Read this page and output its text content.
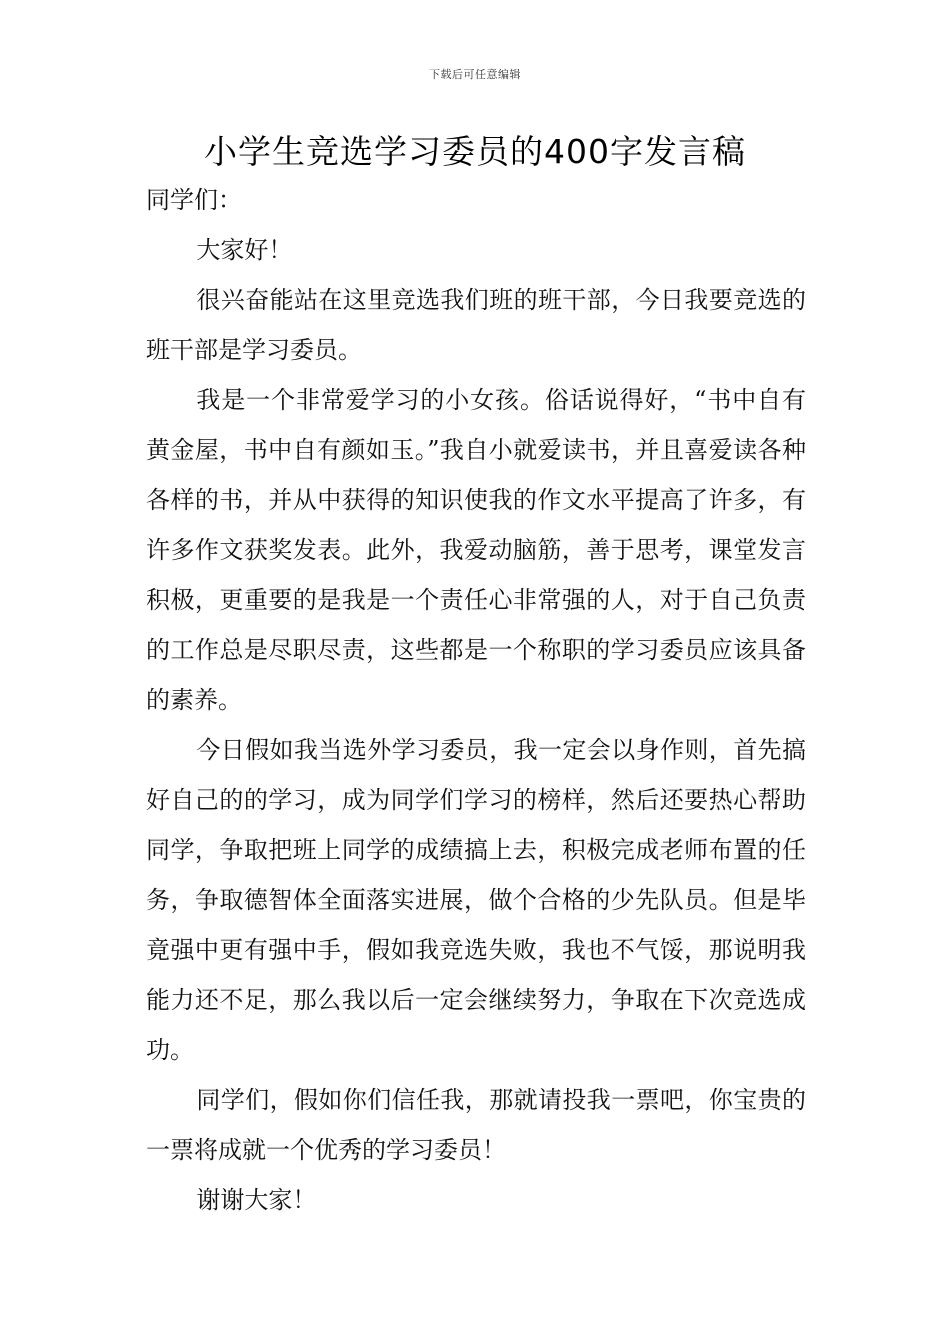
下载后可任意编辑
小学生竞选学习委员的400字发言稿

同学们：

大家好！

很兴奋能站在这里竞选我们班的班干部，今日我要竞选的班干部是学习委员。

我是一个非常爱学习的小女孩。俗话说得好，“书中自有黄金屋，书中自有颜如玉。”我自小就爱读书，并且喜爱读各种各样的书，并从中获得的知识使我的作文水平提高了许多，有许多作文获奖发表。此外，我爱动脑筋，善于思考，课堂发言积极，更重要的是我是一个责任心非常强的人，对于自己负责的工作总是尽职尽责，这些都是一个称职的学习委员应该具备的素养。

今日假如我当选外学习委员，我一定会以身作则，首先搞好自己的的学习，成为同学们学习的榜样，然后还要热心帮助同学，争取把班上同学的成绩搞上去，积极完成老师布置的任务，争取德智体全面落实进展，做个合格的少先队员。但是毕竟强中更有强中手，假如我竞选失败，我也不气馁，那说明我能力还不足，那么我以后一定会继续努力，争取在下次竞选成功。

同学们，假如你们信任我，那就请投我一票吧，你宝贵的一票将成就一个优秀的学习委员！

谢谢大家！
